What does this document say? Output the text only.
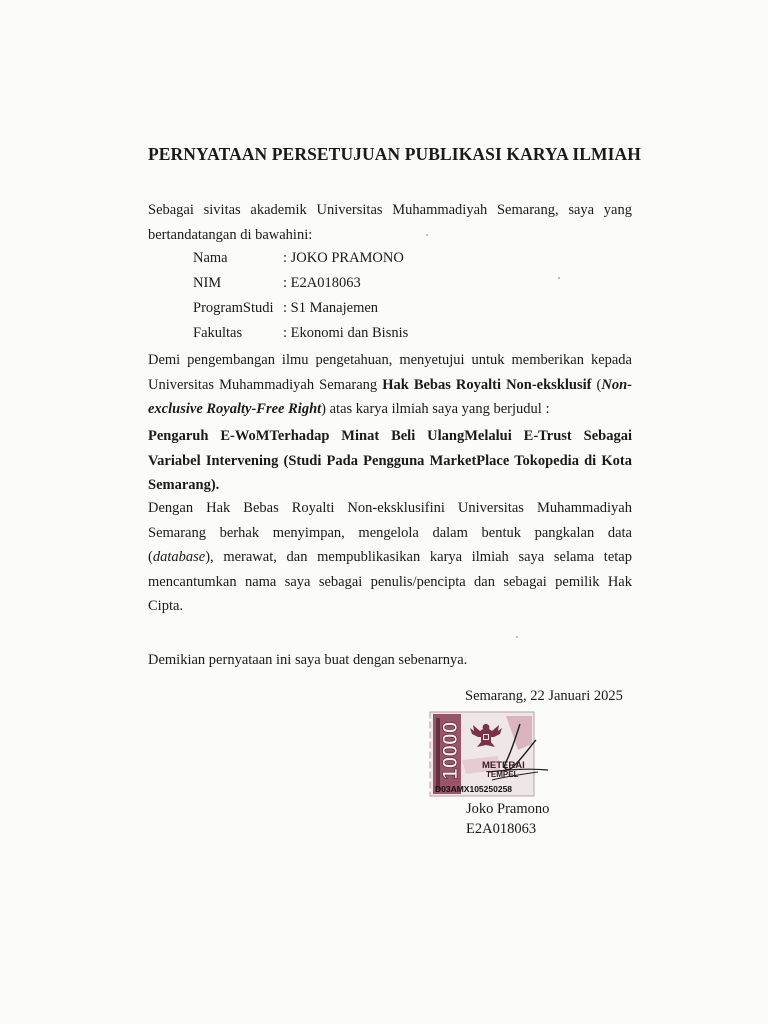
PERNYATAAN PERSETUJUAN PUBLIKASI KARYA ILMIAH
Sebagai sivitas akademik Universitas Muhammadiyah Semarang, saya yang
bertandatangan di bawahini:
Nama	: JOKO PRAMONO
NIM	: E2A018063
ProgramStudi : S1 Manajemen
Fakultas	: Ekonomi dan Bisnis
Demi pengembangan ilmu pengetahuan, menyetujui untuk memberikan kepada
Universitas Muhammadiyah Semarang Hak Bebas Royalti Non-eksklusif (Non-
exclusive Royalty-Free Right) atas karya ilmiah saya yang berjudul :
Pengaruh E-WoMTerhadap Minat Beli UlangMelalui E-Trust Sebagai
Variabel Intervening (Studi Pada Pengguna MarketPlace Tokopedia di Kota
Semarang).
Dengan Hak Bebas Royalti Non-eksklusifini Universitas Muhammadiyah
Semarang berhak menyimpan, mengelola dalam bentuk pangkalan data
(database), merawat, dan mempublikasikan karya ilmiah saya selama tetap
mencantumkan nama saya sebagai penulis/pencipta dan sebagai pemilik Hak
Cipta.
Demikian pernyataan ini saya buat dengan sebenarnya.
Semarang, 22 Januari 2025
10000 METERAI
TEMPEL
D03AMX105250258
Joko Pramono
E2A018063
